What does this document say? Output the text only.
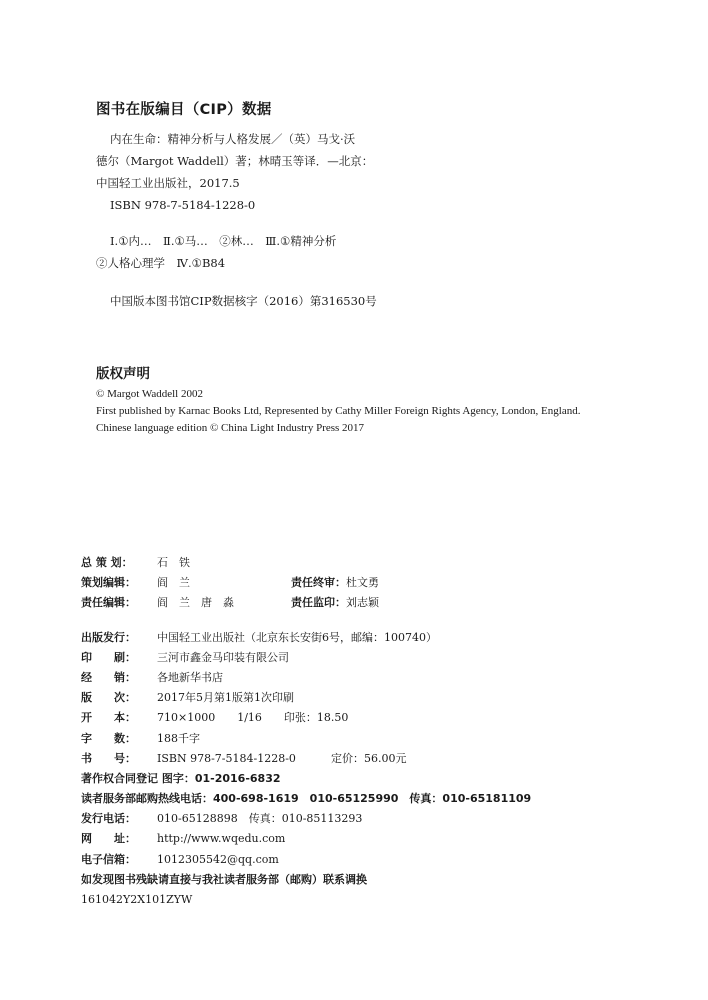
图书在版编目（CIP）数据
内在生命：精神分析与人格发展／（英）马戈·沃
德尔（Margot Waddell）著；林晴玉等译．—北京：
中国轻工业出版社，2017.5
ISBN 978-7-5184-1228-0
Ⅰ.①内…　Ⅱ.①马…　②林…　Ⅲ.①精神分析
②人格心理学　Ⅳ.①B84
中国版本图书馆CIP数据核字（2016）第316530号
版权声明
© Margot Waddell 2002
First published by Karnac Books Ltd, Represented by Cathy Miller Foreign Rights Agency, London, England.
Chinese language edition © China Light Industry Press 2017
总 策 划： 石　铁
策划编辑： 阎　兰	责任终审：杜文勇
责任编辑： 阎　兰　唐　淼	责任监印：刘志颖
出版发行： 中国轻工业出版社（北京东长安街6号，邮编：100740）
印　　刷： 三河市鑫金马印装有限公司
经　　销： 各地新华书店
版　　次： 2017年5月第1版第1次印刷
开　　本： 710×1000　　1/16　　印张：18.50
字　　数： 188千字
书　　号： ISBN 978-7-5184-1228-0	定价：56.00元
著作权合同登记 图字：01-2016-6832
读者服务部邮购热线电话：400-698-1619　010-65125990　传真：010-65181109
发行电话： 010-65128898　传真：010-85113293
网　　址： http://www.wqedu.com
电子信箱： 1012305542@qq.com
如发现图书残缺请直接与我社读者服务部（邮购）联系调换
161042Y2X101ZYW
